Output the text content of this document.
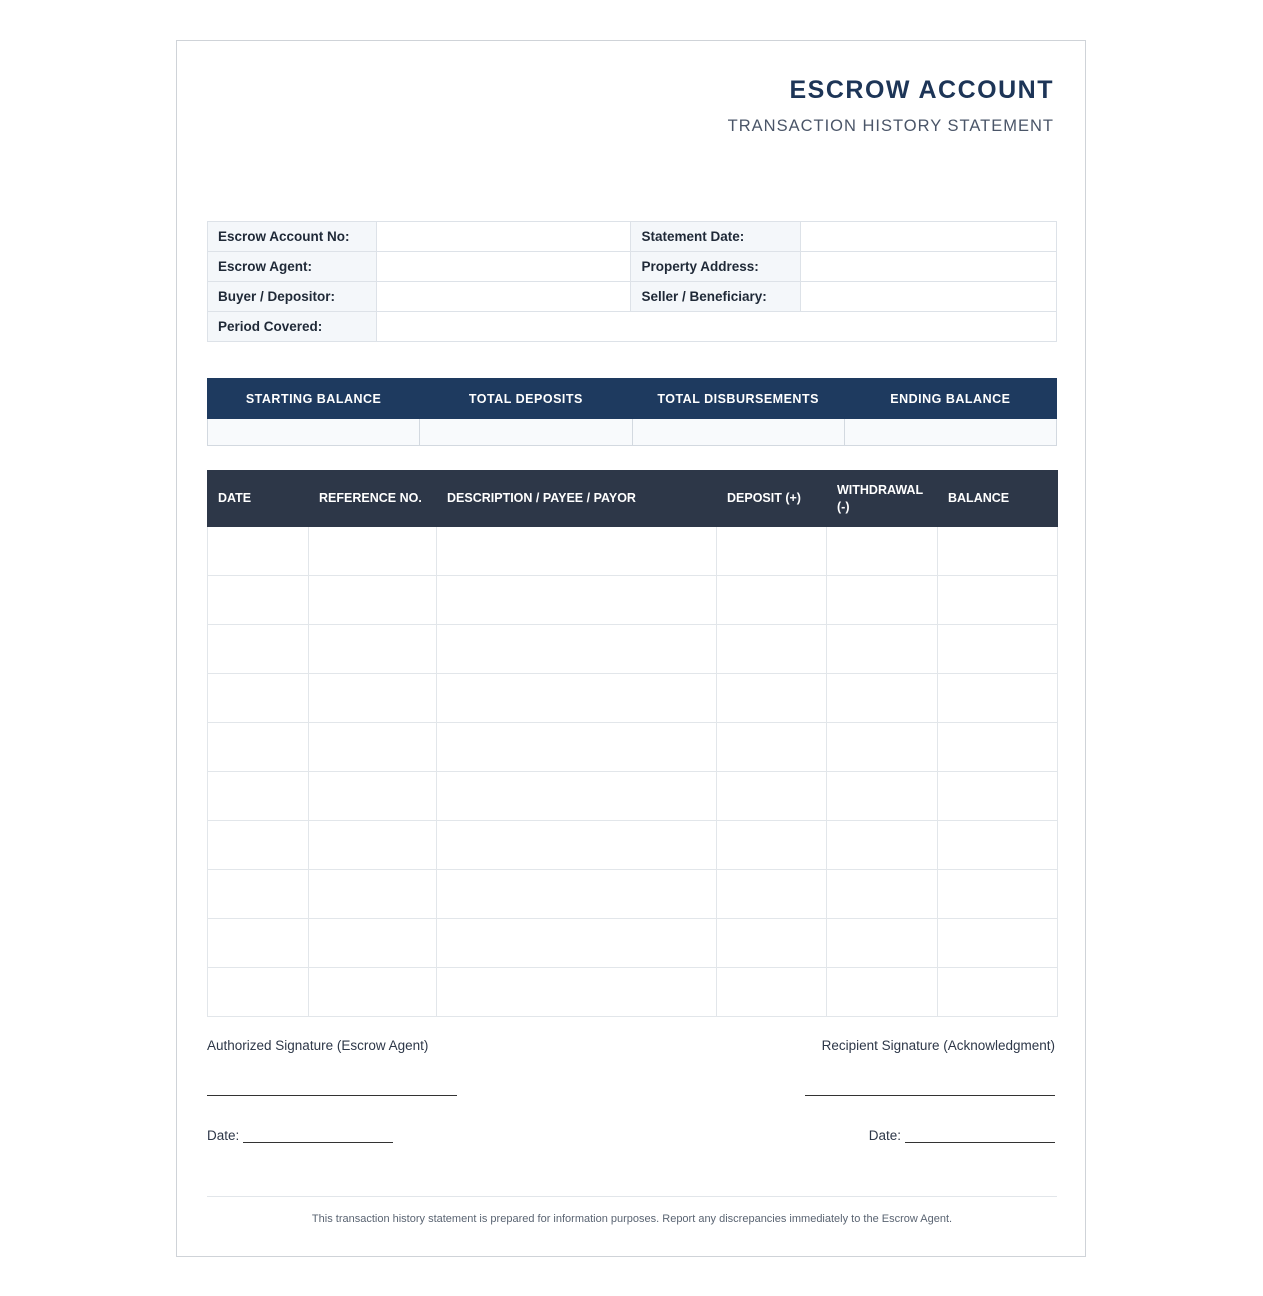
ESCROW ACCOUNT
TRANSACTION HISTORY STATEMENT
Escrow Account No:		Statement Date:	
Escrow Agent:		Property Address:	
Buyer / Depositor:		Seller / Beneficiary:	
Period Covered:			
STARTING BALANCE	TOTAL DEPOSITS	TOTAL DISBURSEMENTS	ENDING BALANCE

DATE	REFERENCE NO.	DESCRIPTION / PAYEE / PAYOR	DEPOSIT (+)	WITHDRAWAL (-)	BALANCE

Authorized Signature (Escrow Agent)	Recipient Signature (Acknowledgment)
Date:	Date:
This transaction history statement is prepared for information purposes. Report any discrepancies immediately to the Escrow Agent.
